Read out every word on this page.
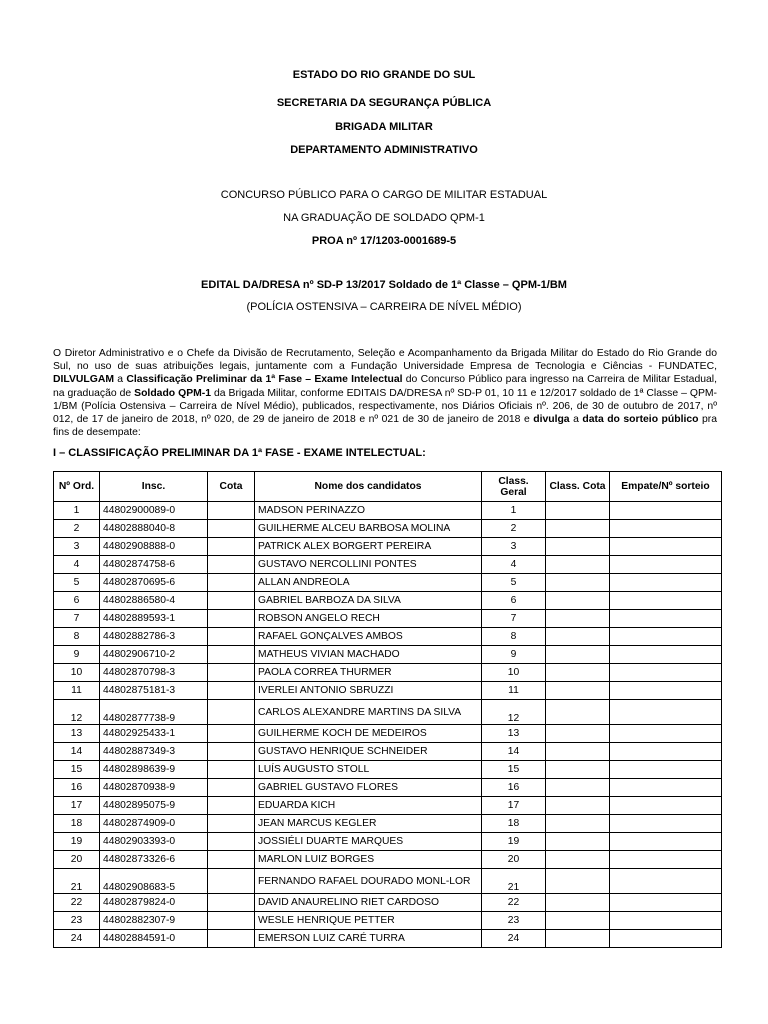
ESTADO DO RIO GRANDE DO SUL
SECRETARIA DA SEGURANÇA PÚBLICA
BRIGADA MILITAR
DEPARTAMENTO ADMINISTRATIVO
CONCURSO PÚBLICO PARA O CARGO DE MILITAR ESTADUAL
NA GRADUAÇÃO DE SOLDADO QPM-1
PROA nº 17/1203-0001689-5
EDITAL DA/DRESA nº SD-P 13/2017 Soldado de 1ª Classe – QPM-1/BM
(POLÍCIA OSTENSIVA – CARREIRA DE NÍVEL MÉDIO)
O Diretor Administrativo e o Chefe da Divisão de Recrutamento, Seleção e Acompanhamento da Brigada Militar do Estado do Rio Grande do Sul, no uso de suas atribuições legais, juntamente com a Fundação Universidade Empresa de Tecnologia e Ciências - FUNDATEC, DILVULGAM a Classificação Preliminar da 1ª Fase – Exame Intelectual do Concurso Público para ingresso na Carreira de Militar Estadual, na graduação de Soldado QPM-1 da Brigada Militar, conforme EDITAIS DA/DRESA nº SD-P 01, 10 11 e 12/2017 soldado de 1ª Classe – QPM-1/BM (Polícia Ostensiva – Carreira de Nível Médio), publicados, respectivamente, nos Diários Oficiais nº. 206, de 30 de outubro de 2017, nº 012, de 17 de janeiro de 2018, nº 020, de 29 de janeiro de 2018 e nº 021 de 30 de janeiro de 2018 e divulga a data do sorteio público pra fins de desempate:
I – CLASSIFICAÇÃO PRELIMINAR DA 1ª FASE - EXAME INTELECTUAL:
Nº Ord.	Insc.	Cota	Nome dos candidatos	Class. Geral	Class. Cota	Empate/Nº sorteio
1	44802900089-0		MADSON PERINAZZO	1		
2	44802888040-8		GUILHERME ALCEU BARBOSA MOLINA	2		
3	44802908888-0		PATRICK ALEX BORGERT PEREIRA	3		
4	44802874758-6		GUSTAVO NERCOLLINI PONTES	4		
5	44802870695-6		ALLAN ANDREOLA	5		
6	44802886580-4		GABRIEL BARBOZA DA SILVA	6		
7	44802889593-1		ROBSON ANGELO RECH	7		
8	44802882786-3		RAFAEL GONÇALVES AMBOS	8		
9	44802906710-2		MATHEUS VIVIAN MACHADO	9		
10	44802870798-3		PAOLA CORREA THURMER	10		
11	44802875181-3		IVERLEI ANTONIO SBRUZZI	11		
12	44802877738-9		CARLOS ALEXANDRE MARTINS DA SILVA	12		
13	44802925433-1		GUILHERME KOCH DE MEDEIROS	13		
14	44802887349-3		GUSTAVO HENRIQUE SCHNEIDER	14		
15	44802898639-9		LUÍS AUGUSTO STOLL	15		
16	44802870938-9		GABRIEL GUSTAVO FLORES	16		
17	44802895075-9		EDUARDA KICH	17		
18	44802874909-0		JEAN MARCUS KEGLER	18		
19	44802903393-0		JOSSIÉLI DUARTE MARQUES	19		
20	44802873326-6		MARLON LUIZ BORGES	20		
21	44802908683-5		FERNANDO RAFAEL DOURADO MONL-LOR	21		
22	44802879824-0		DAVID ANAURELINO RIET CARDOSO	22		
23	44802882307-9		WESLE HENRIQUE PETTER	23		
24	44802884591-0		EMERSON LUIZ CARÉ TURRA	24		
